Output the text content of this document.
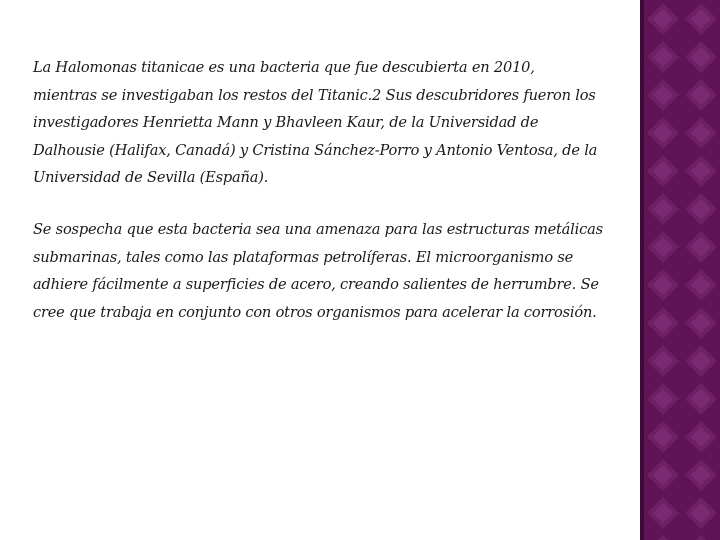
La Halomonas titanicae es una bacteria que fue descubierta en 2010, mientras se investigaban los restos del Titanic.2 Sus descubridores fueron los investigadores Henrietta Mann y Bhavleen Kaur, de la Universidad de Dalhousie (Halifax, Canadá) y Cristina Sánchez-Porro y Antonio Ventosa, de la Universidad de Sevilla (España).

Se sospecha que esta bacteria sea una amenaza para las estructuras metálicas submarinas, tales como las plataformas petrolíferas. El microorganismo se adhiere fácilmente a superficies de acero, creando salientes de herrumbre. Se cree que trabaja en conjunto con otros organismos para acelerar la corrosión.
